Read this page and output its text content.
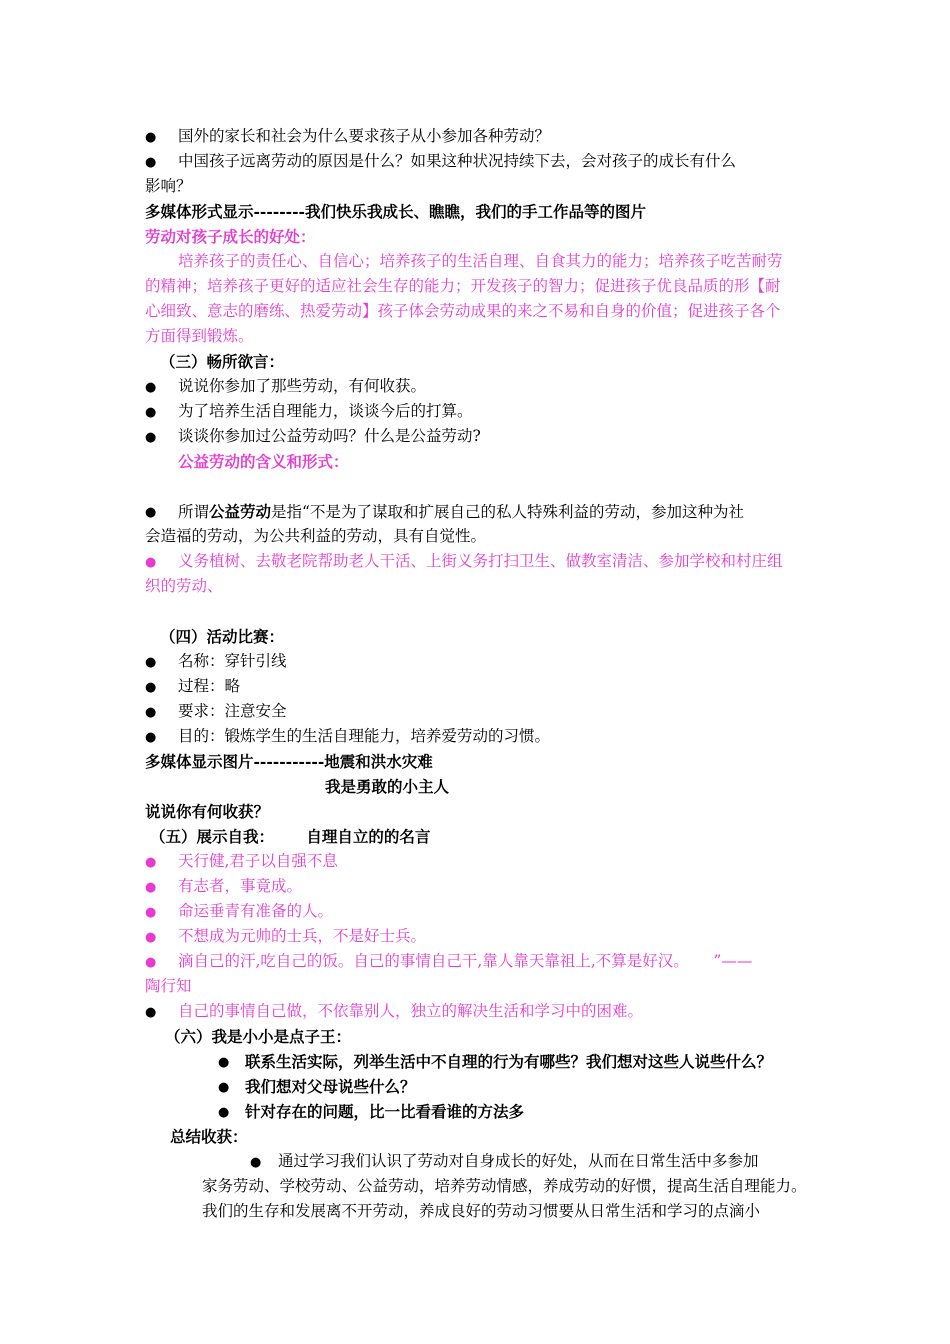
●
国外的家长和社会为什么要求孩子从小参加各种劳动？
●
中国孩子远离劳动的原因是什么？如果这种状况持续下去，会对孩子的成长有什么
影响？
多媒体形式显示--------我们快乐我成长、瞧瞧，我们的手工作品等的图片
劳动对孩子成长的好处：
培养孩子的责任心、自信心；培养孩子的生活自理、自食其力的能力；培养孩子吃苦耐劳
的精神；培养孩子更好的适应社会生存的能力；开发孩子的智力；促进孩子优良品质的形【耐
心细致、意志的磨练、热爱劳动】孩子体会劳动成果的来之不易和自身的价值；促进孩子各个
方面得到锻炼。
（三）畅所欲言：
●
说说你参加了那些劳动，有何收获。
●
为了培养生活自理能力，谈谈今后的打算。
●
谈谈你参加过公益劳动吗？什么是公益劳动?
公益劳动的含义和形式：
●
所谓公益劳动是指“不是为了谋取和扩展自己的私人特殊利益的劳动，参加这种为社
会造福的劳动，为公共利益的劳动，具有自觉性。
●
义务植树、去敬老院帮助老人干活、上街义务打扫卫生、做教室清洁、参加学校和村庄组
织的劳动、
（四）活动比赛：
●
名称：穿针引线
●
过程：略
●
要求：注意安全
●
目的：锻炼学生的生活自理能力，培养爱劳动的习惯。
多媒体显示图片-----------地震和洪水灾难
我是勇敢的小主人
说说你有何收获？
（五）展示自我：      自理自立的的名言
●
天行健,君子以自强不息
●
有志者，事竟成。
●
命运垂青有准备的人。
●
不想成为元帅的士兵，不是好士兵。
●
滴自己的汗,吃自己的饭。自己的事情自己干,靠人靠天靠祖上,不算是好汉。     ”——
陶行知
●
自己的事情自己做，不依靠别人，独立的解决生活和学习中的困难。
（六）我是小小是点子王：
●
联系生活实际，列举生活中不自理的行为有哪些？我们想对这些人说些什么？
●
我们想对父母说些什么？
●
针对存在的问题，比一比看看谁的方法多
总结收获：
●
通过学习我们认识了劳动对自身成长的好处，从而在日常生活中多参加
家务劳动、学校劳动、公益劳动，培养劳动情感，养成劳动的好惯，提高生活自理能力。
我们的生存和发展离不开劳动，养成良好的劳动习惯要从日常生活和学习的点滴小
